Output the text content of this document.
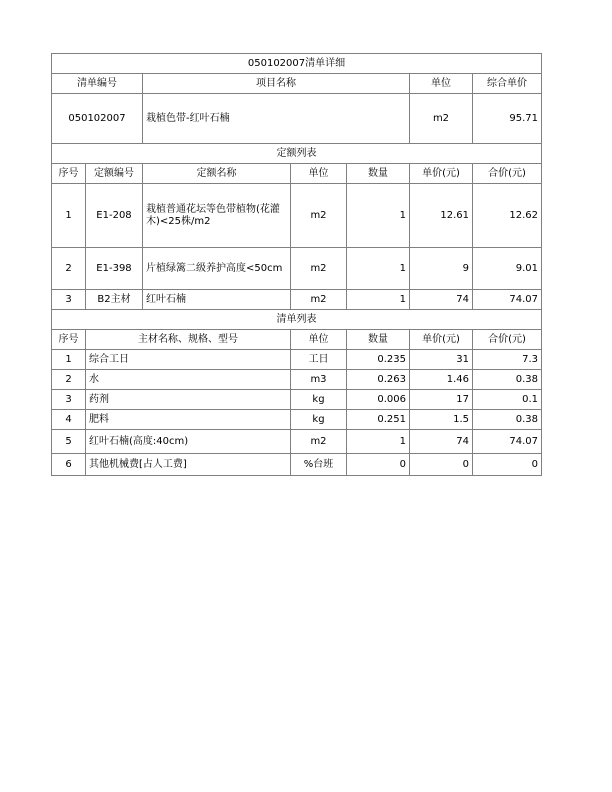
050102007清单详细						
清单编号		项目名称			单位	综合单价
050102007		栽植色带-红叶石楠			m2	95.71
定额列表						
序号	定额编号	定额名称	单位	数量	单价(元)	合价(元)
1	E1-208	栽植普通花坛等色带植物(花灌木)<25株/m2	m2	1	12.61	12.62
2	E1-398	片植绿篱二级养护高度<50cm	m2	1	9	9.01
3	B2主材	红叶石楠	m2	1	74	74.07
清单列表						
序号	主材名称、规格、型号		单位	数量	单价(元)	合价(元)
1	综合工日		工日	0.235	31	7.3
2	水		m3	0.263	1.46	0.38
3	药剂		kg	0.006	17	0.1
4	肥料		kg	0.251	1.5	0.38
5	红叶石楠(高度:40cm)		m2	1	74	74.07
6	其他机械费[占人工费]		%台班	0	0	0
